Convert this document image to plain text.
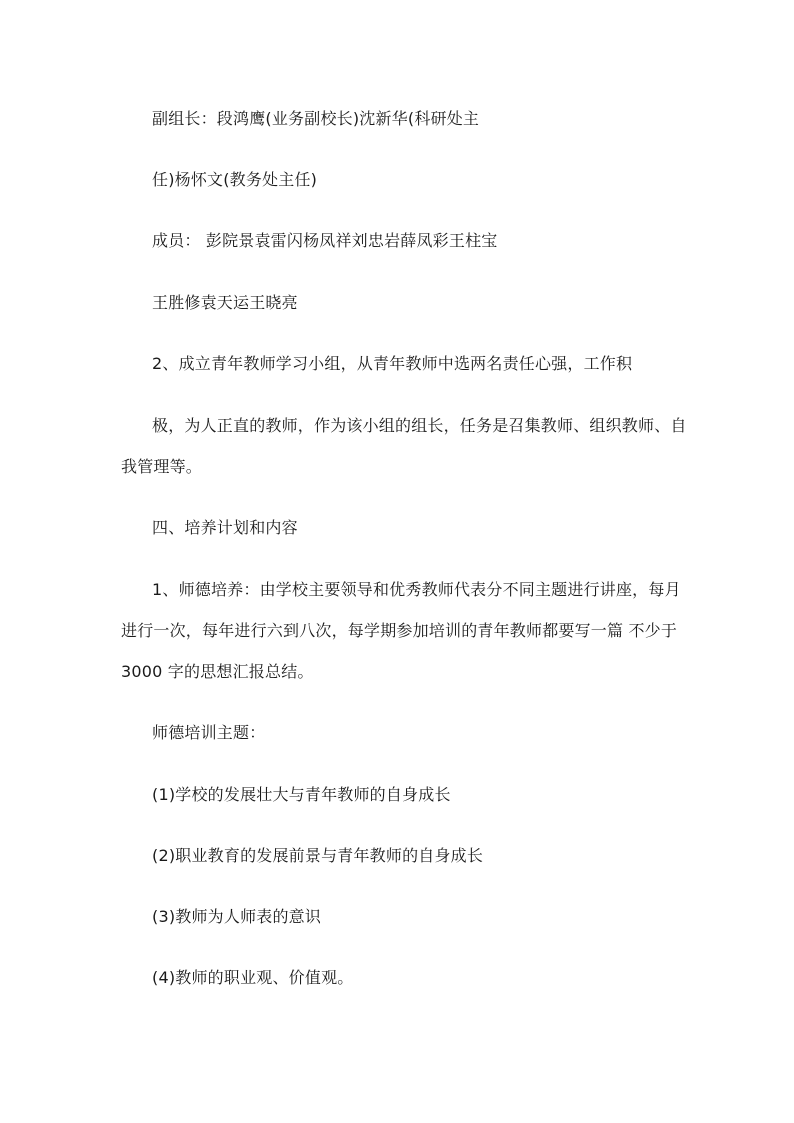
副组长：段鸿鹰(业务副校长)沈新华(科研处主
任)杨怀文(教务处主任)
成员： 彭院景袁雷闪杨凤祥刘忠岩薛凤彩王柱宝
王胜修袁天运王晓亮
2、成立青年教师学习小组，从青年教师中选两名责任心强，工作积
极，为人正直的教师，作为该小组的组长，任务是召集教师、组织教师、自
我管理等。
四、培养计划和内容
1、师德培养：由学校主要领导和优秀教师代表分不同主题进行讲座，每月
进行一次，每年进行六到八次，每学期参加培训的青年教师都要写一篇 不少于
3000 字的思想汇报总结。
师德培训主题：
(1)学校的发展壮大与青年教师的自身成长
(2)职业教育的发展前景与青年教师的自身成长
(3)教师为人师表的意识
(4)教师的职业观、价值观。
